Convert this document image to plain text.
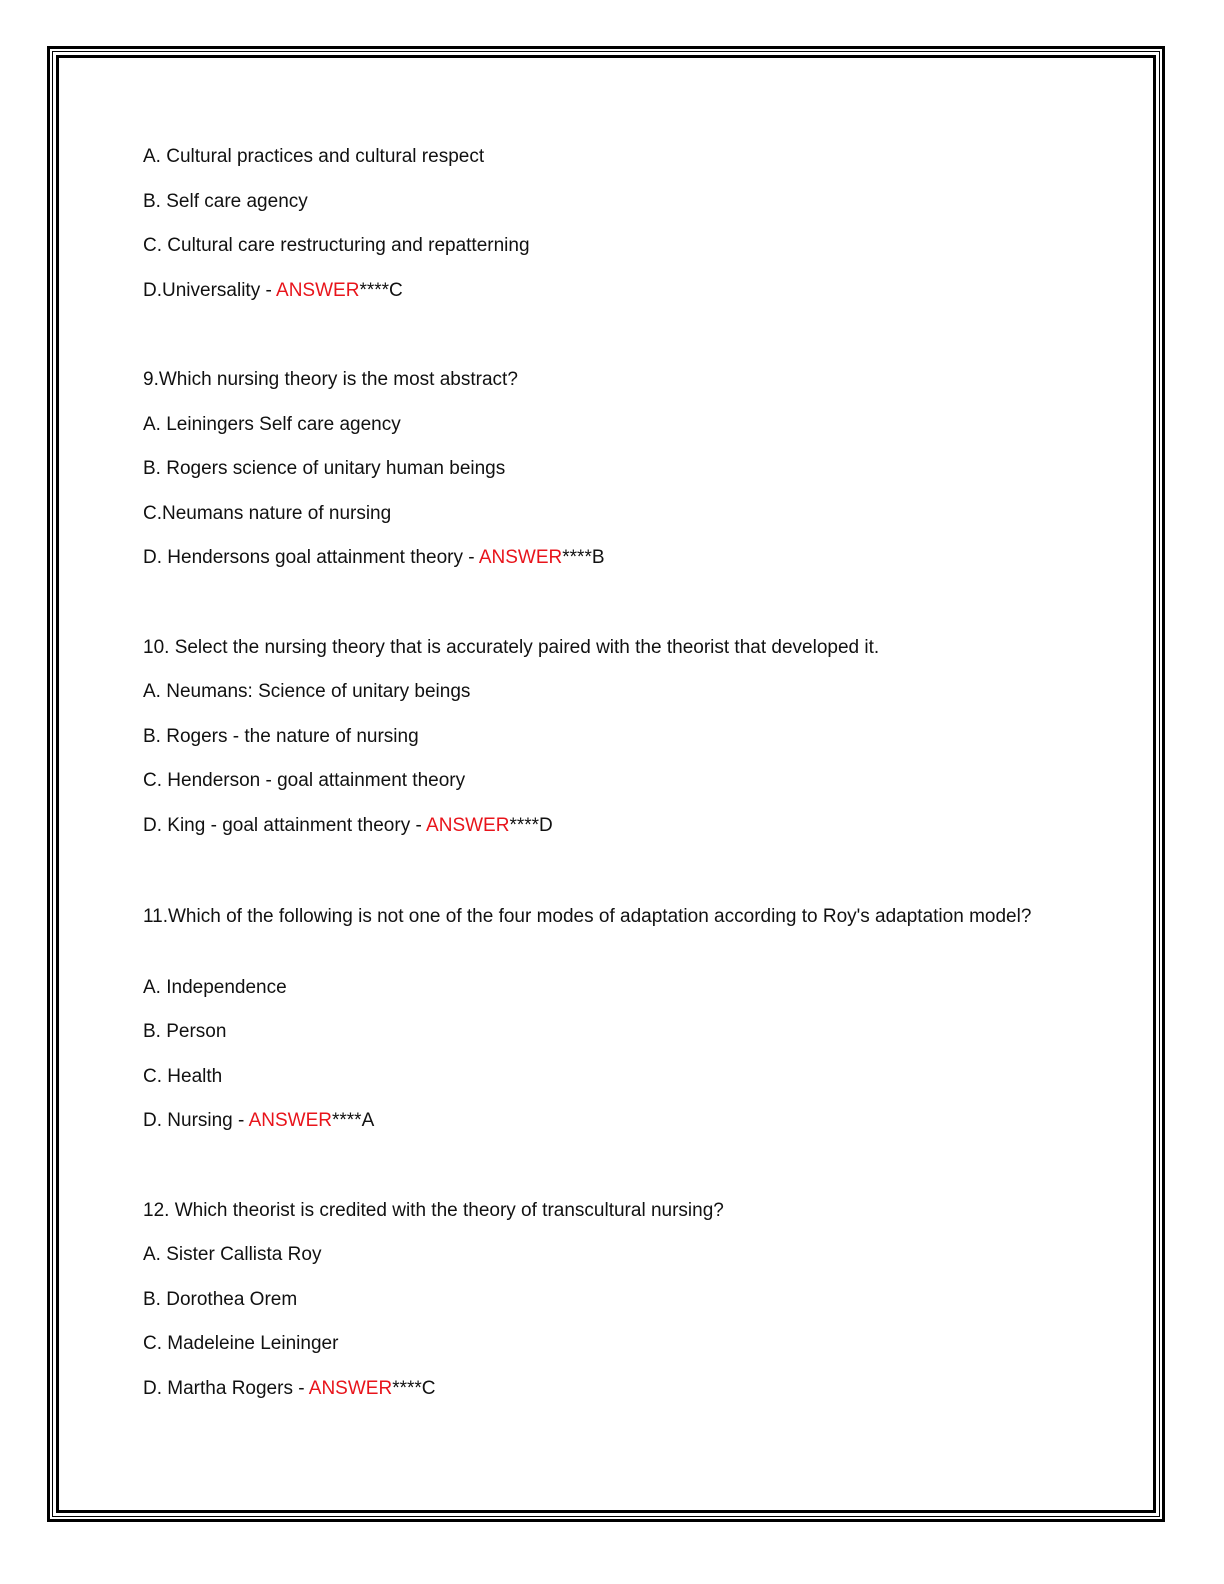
A. Cultural practices and cultural respect
B. Self care agency
C. Cultural care restructuring and repatterning
D.Universality - ANSWER****C
9.Which nursing theory is the most abstract?
A. Leiningers Self care agency
B. Rogers science of unitary human beings
C.Neumans nature of nursing
D. Hendersons goal attainment theory - ANSWER****B
10. Select the nursing theory that is accurately paired with the theorist that developed it.
A. Neumans: Science of unitary beings
B. Rogers - the nature of nursing
C. Henderson - goal attainment theory
D. King - goal attainment theory - ANSWER****D
11.Which of the following is not one of the four modes of adaptation according to Roy's adaptation model?
A. Independence
B. Person
C. Health
D. Nursing - ANSWER****A
12. Which theorist is credited with the theory of transcultural nursing?
A. Sister Callista Roy
B. Dorothea Orem
C. Madeleine Leininger
D. Martha Rogers - ANSWER****C
